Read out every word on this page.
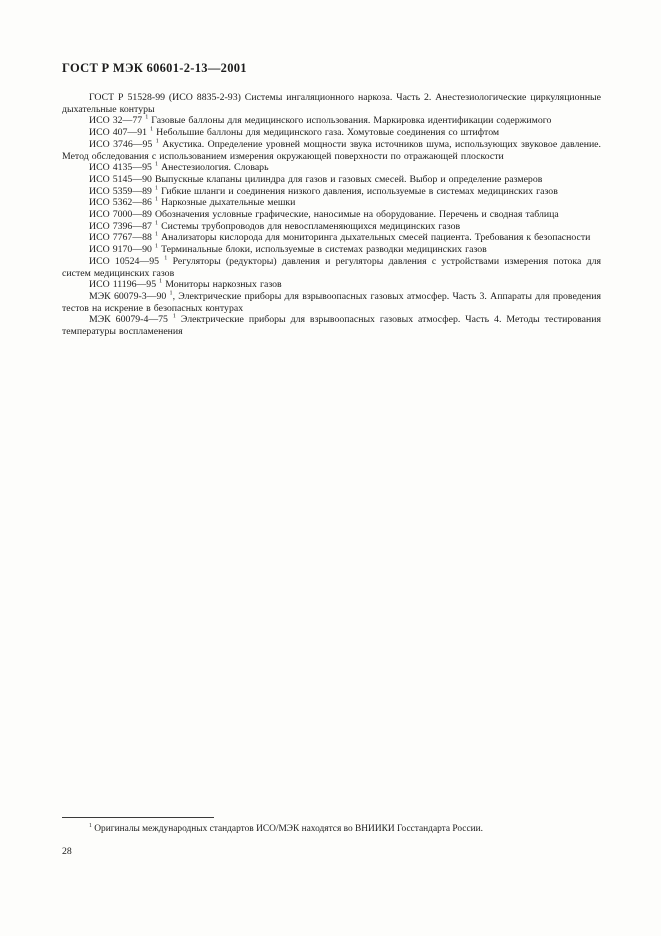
ГОСТ Р МЭК 60601-2-13—2001

ГОСТ Р 51528-99 (ИСО 8835-2-93) Системы ингаляционного наркоза. Часть 2. Анестезиологические циркуляционные дыхательные контуры

ИСО 32—77 $^1$ Газовые баллоны для медицинского использования. Маркировка идентификации содержимого

ИСО 407—91 $^1$ Небольшие баллоны для медицинского газа. Хомутовые соединения со штифтом

ИСО 3746—95 $^1$ Акустика. Определение уровней мощности звука источников шума, использующих звуковое давление. Метод обследования с использованием измерения окружающей поверхности по отражающей плоскости

ИСО 4135—95 $^1$ Анестезиология. Словарь

ИСО 5145—90 Выпускные клапаны цилиндра для газов и газовых смесей. Выбор и определение размеров

ИСО 5359—89 $^1$ Гибкие шланги и соединения низкого давления, используемые в системах медицинских газов

ИСО 5362—86 $^1$ Наркозные дыхательные мешки

ИСО 7000—89 Обозначения условные графические, наносимые на оборудование. Перечень и сводная таблица

ИСО 7396—87 $^1$ Системы трубопроводов для невоспламеняющихся медицинских газов

ИСО 7767—88 $^1$ Анализаторы кислорода для мониторинга дыхательных смесей пациента. Требования к безопасности

ИСО 9170—90 $^1$ Терминальные блоки, используемые в системах разводки медицинских газов

ИСО 10524—95 $^1$ Регуляторы (редукторы) давления и регуляторы давления с устройствами измерения потока для систем медицинских газов

ИСО 11196—95 $^1$ Мониторы наркозных газов

МЭК 60079-3—90 $^1$, Электрические приборы для взрывоопасных газовых атмосфер. Часть 3. Аппараты для проведения тестов на искрение в безопасных контурах

МЭК 60079-4—75 $^1$ Электрические приборы для взрывоопасных газовых атмосфер. Часть 4. Методы тестирования температуры воспламенения

$^1$ Оригиналы международных стандартов ИСО/МЭК находятся во ВНИИКИ Госстандарта России.

28
